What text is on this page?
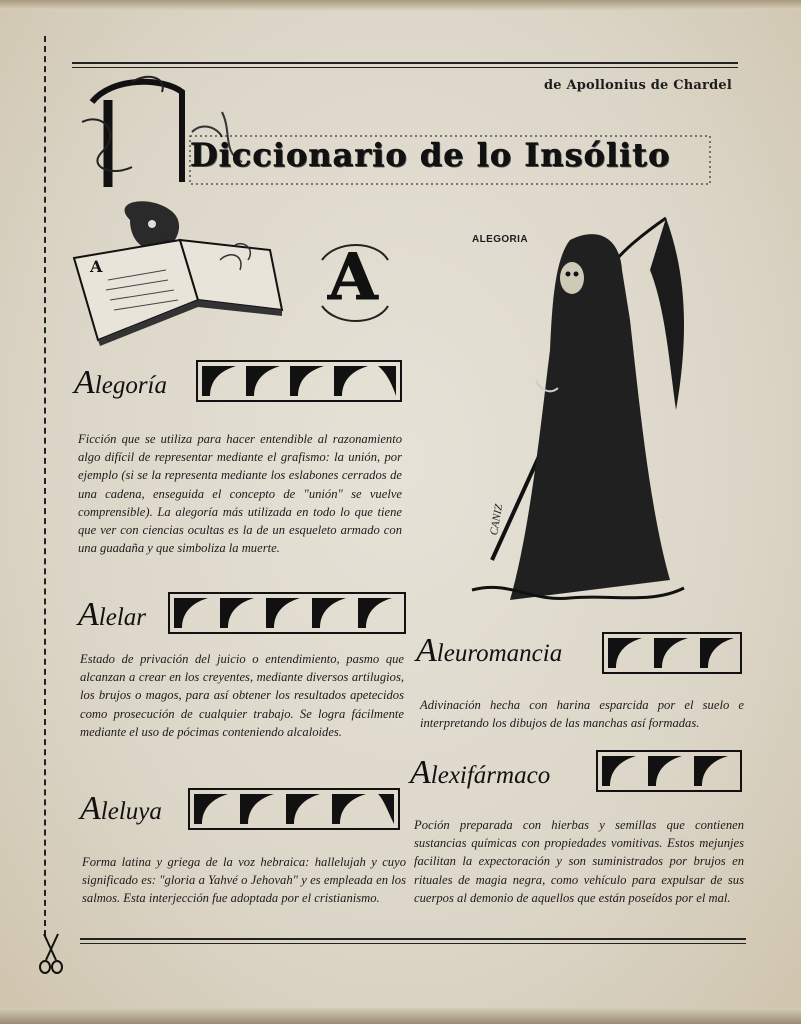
de Apollonius de Chardel
Diccionario de lo Insólito
A	A
ALEGORIA
CANIZ
Alegoría
Ficción que se utiliza para hacer entendible al razonamiento algo difícil de representar mediante el grafismo: la unión, por ejemplo (si se la representa mediante los eslabones cerrados de una cadena, enseguida el concepto de "unión" se vuelve comprensible). La alegoría más utilizada en todo lo que tiene que ver con ciencias ocultas es la de un esqueleto armado con una guadaña y que simboliza la muerte.
Alelar
Estado de privación del juicio o entendimiento, pasmo que alcanzan a crear en los creyentes, mediante diversos artilugios, los brujos o magos, para así obtener los resultados apetecidos como prosecución de cualquier trabajo. Se logra fácilmente mediante el uso de pócimas conteniendo alcaloides.
Aleluya
Forma latina y griega de la voz hebraica: hallelujah y cuyo significado es: "gloria a Yahvé o Jehovah" y es empleada en los salmos. Esta interjección fue adoptada por el cristianismo.
Aleuromancia
Adivinación hecha con harina esparcida por el suelo e interpretando los dibujos de las manchas así formadas.
Alexifármaco
Poción preparada con hierbas y semillas que contienen sustancias químicas con propiedades vomitivas. Estos mejunjes facilitan la expectoración y son suministrados por brujos en rituales de magia negra, como vehículo para expulsar de sus cuerpos al demonio de aquellos que están poseídos por el mal.
